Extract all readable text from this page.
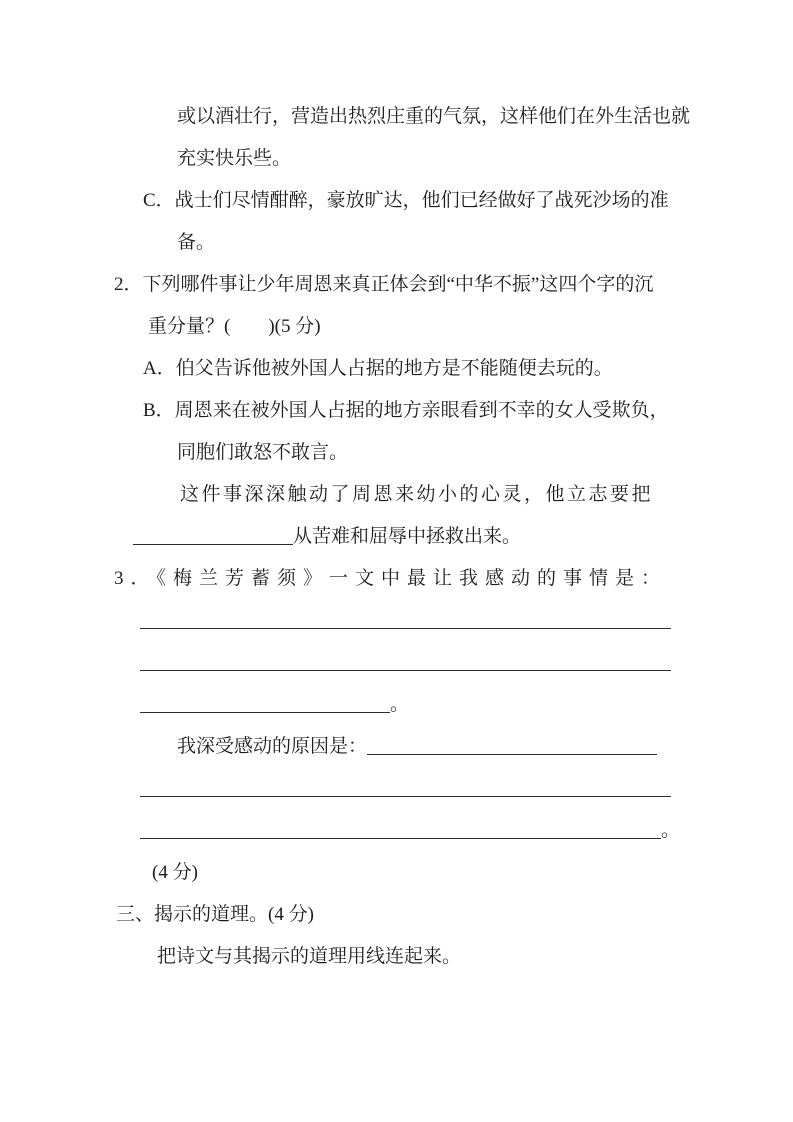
或以酒壮行，营造出热烈庄重的气氛，这样他们在外生活也就
充实快乐些。
C．战士们尽情酣醉，豪放旷达，他们已经做好了战死沙场的准
备。
2．下列哪件事让少年周恩来真正体会到“中华不振”这四个字的沉
重分量？(　　)(5 分)
A．伯父告诉他被外国人占据的地方是不能随便去玩的。
B．周恩来在被外国人占据的地方亲眼看到不幸的女人受欺负，
同胞们敢怒不敢言。
这件事深深触动了周恩来幼小的心灵，他立志要把
从苦难和屈辱中拯救出来。
3．《梅兰芳蓄须》一文中最让我感动的事情是：
。
我深受感动的原因是：
。
(4 分)
三、揭示的道理。(4 分)
把诗文与其揭示的道理用线连起来。
